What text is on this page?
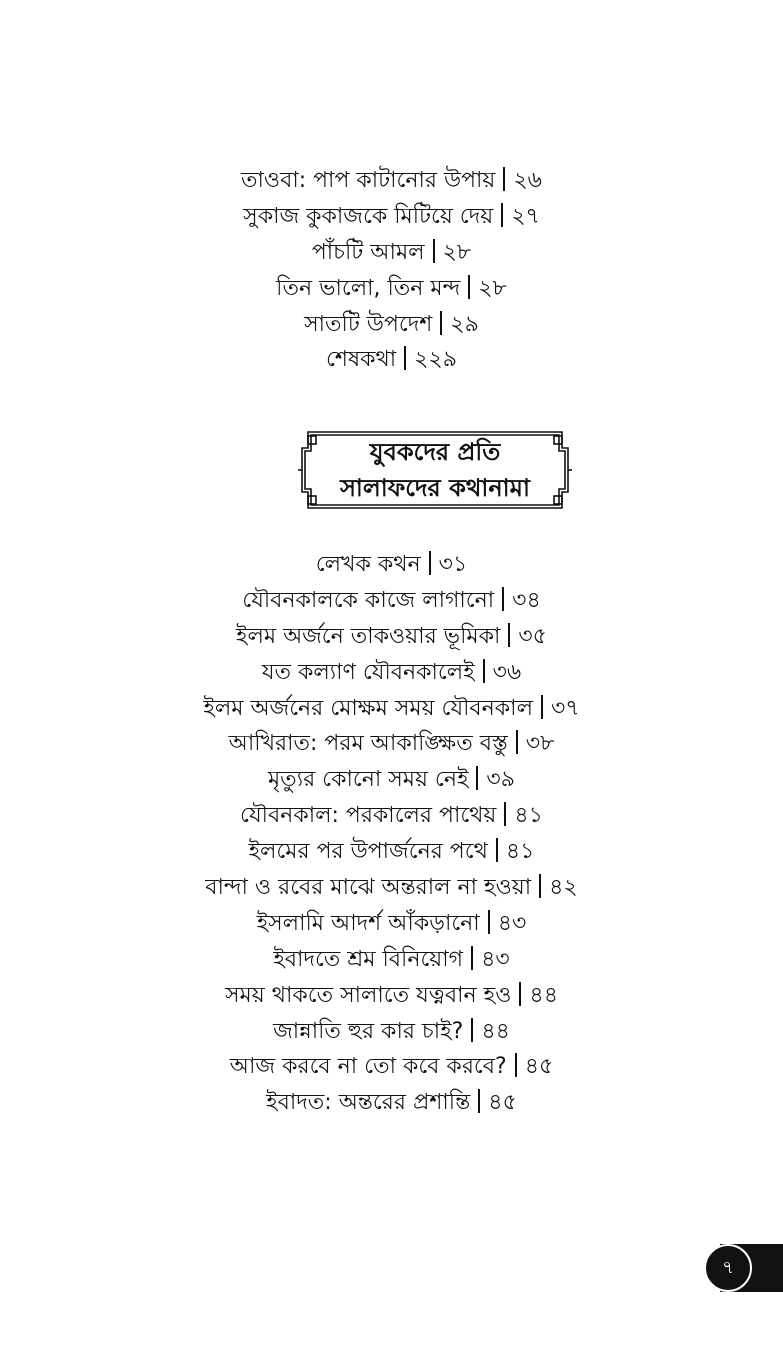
তাওবা: পাপ কাটানোর উপায় ২৬
সুকাজ কুকাজকে মিটিয়ে দেয় ২৭
পাঁচটি আমল ২৮
তিন ভালো, তিন মন্দ ২৮
সাতটি উপদেশ ২৯
শেষকথা ২২৯
যুবকদের প্রতি
সালাফদের কথানামা
লেখক কথন ৩১
যৌবনকালকে কাজে লাগানো ৩৪
ইলম অর্জনে তাকওয়ার ভূমিকা ৩৫
যত কল্যাণ যৌবনকালেই ৩৬
ইলম অর্জনের মোক্ষম সময় যৌবনকাল ৩৭
আখিরাত: পরম আকাঙ্ক্ষিত বস্তু ৩৮
মৃত্যুর কোনো সময় নেই ৩৯
যৌবনকাল: পরকালের পাথেয় ৪১
ইলমের পর উপার্জনের পথে ৪১
বান্দা ও রবের মাঝে অন্তরাল না হওয়া ৪২
ইসলামি আদর্শ আঁকড়ানো ৪৩
ইবাদতে শ্রম বিনিয়োগ ৪৩
সময় থাকতে সালাতে যত্নবান হও ৪৪
জান্নাতি হুর কার চাই? ৪৪
আজ করবে না তো কবে করবে? ৪৫
ইবাদত: অন্তরের প্রশান্তি ৪৫
৭
